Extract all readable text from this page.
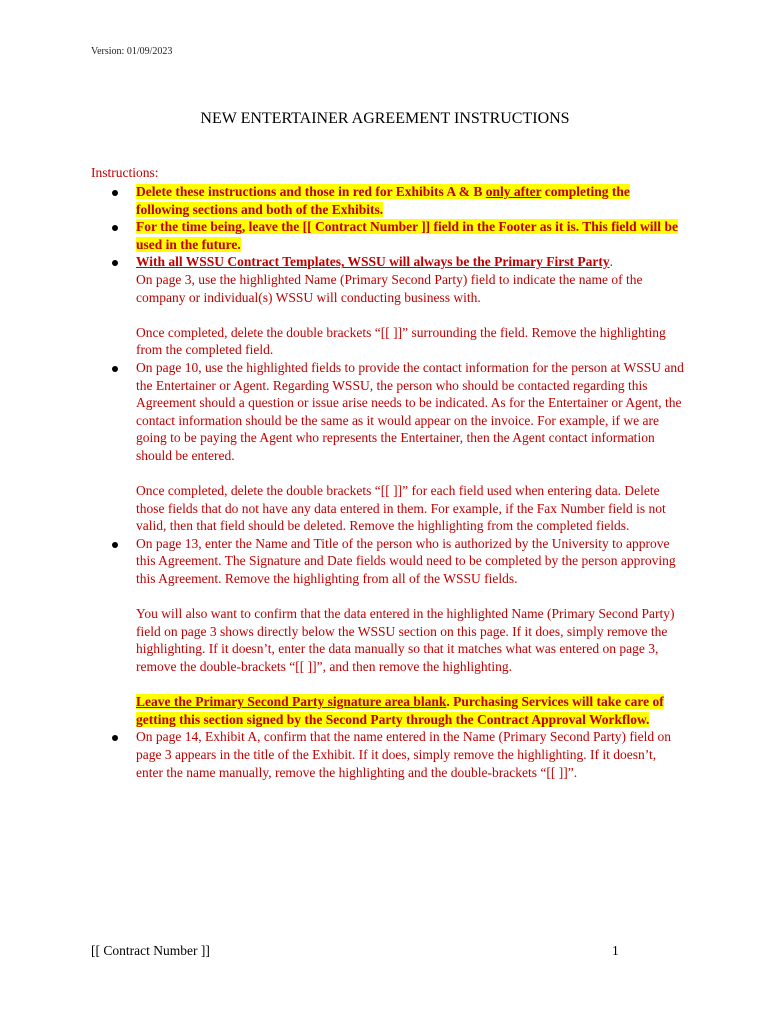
Version: 01/09/2023
NEW ENTERTAINER AGREEMENT INSTRUCTIONS
Instructions:

Delete these instructions and those in red for Exhibits A & B only after completing the following sections and both of the Exhibits.

For the time being, leave the [[ Contract Number ]] field in the Footer as it is. This field will be used in the future.

With all WSSU Contract Templates, WSSU will always be the Primary First Party.
On page 3, use the highlighted Name (Primary Second Party) field to indicate the name of the company or individual(s) WSSU will conducting business with.

Once completed, delete the double brackets “[[ ]]” surrounding the field. Remove the highlighting from the completed field.

On page 10, use the highlighted fields to provide the contact information for the person at WSSU and the Entertainer or Agent. Regarding WSSU, the person who should be contacted regarding this Agreement should a question or issue arise needs to be indicated. As for the Entertainer or Agent, the contact information should be the same as it would appear on the invoice. For example, if we are going to be paying the Agent who represents the Entertainer, then the Agent contact information should be entered.

Once completed, delete the double brackets “[[ ]]” for each field used when entering data. Delete those fields that do not have any data entered in them. For example, if the Fax Number field is not valid, then that field should be deleted. Remove the highlighting from the completed fields.

On page 13, enter the Name and Title of the person who is authorized by the University to approve this Agreement. The Signature and Date fields would need to be completed by the person approving this Agreement. Remove the highlighting from all of the WSSU fields.

You will also want to confirm that the data entered in the highlighted Name (Primary Second Party) field on page 3 shows directly below the WSSU section on this page. If it does, simply remove the highlighting. If it doesn’t, enter the data manually so that it matches what was entered on page 3, remove the double-brackets “[[ ]]”, and then remove the highlighting.

Leave the Primary Second Party signature area blank. Purchasing Services will take care of getting this section signed by the Second Party through the Contract Approval Workflow.

On page 14, Exhibit A, confirm that the name entered in the Name (Primary Second Party) field on page 3 appears in the title of the Exhibit. If it does, simply remove the highlighting. If it doesn’t, enter the name manually, remove the highlighting and the double-brackets “[[ ]]”.

[[ Contract Number ]]	1
